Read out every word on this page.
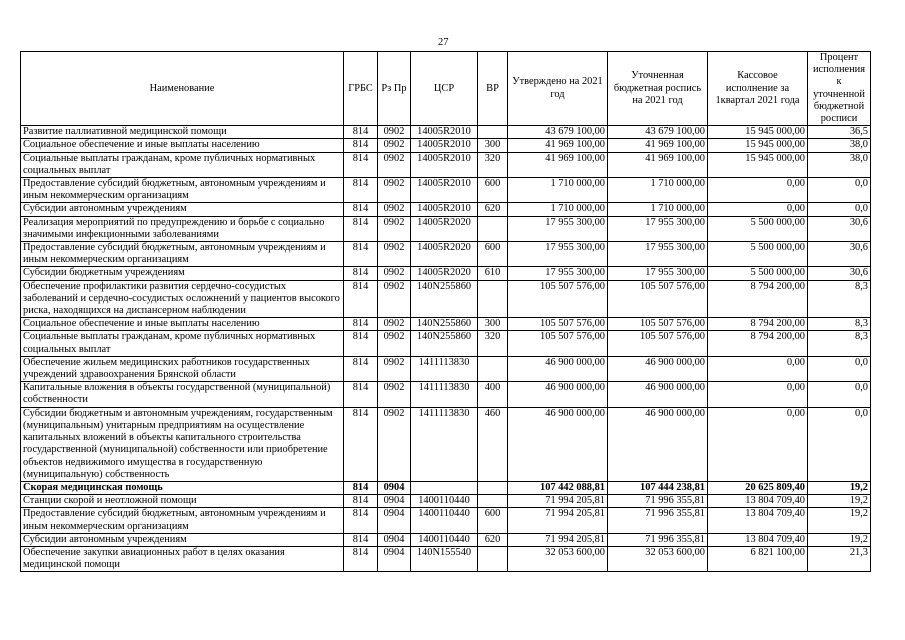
27
Наименование	ГРБС	Рз Пр	ЦСР	ВР	Утверждено на 2021 год	Уточненная бюджетная роспись на 2021 год	Кассовое исполнение за 1квартал 2021 года	Процент исполнения к уточненной бюджетной росписи
Развитие паллиативной медицинской помощи	814	0902	14005R2010		43 679 100,00	43 679 100,00	15 945 000,00	36,5
Социальное обеспечение и иные выплаты населению	814	0902	14005R2010	300	41 969 100,00	41 969 100,00	15 945 000,00	38,0
Социальные выплаты гражданам, кроме публичных нормативных социальных выплат	814	0902	14005R2010	320	41 969 100,00	41 969 100,00	15 945 000,00	38,0
Предоставление субсидий бюджетным, автономным учреждениям и иным некоммерческим организациям	814	0902	14005R2010	600	1 710 000,00	1 710 000,00	0,00	0,0
Субсидии автономным учреждениям	814	0902	14005R2010	620	1 710 000,00	1 710 000,00	0,00	0,0
Реализация мероприятий по предупреждению и борьбе с социально значимыми инфекционными заболеваниями	814	0902	14005R2020		17 955 300,00	17 955 300,00	5 500 000,00	30,6
Предоставление субсидий бюджетным, автономным учреждениям и иным некоммерческим организациям	814	0902	14005R2020	600	17 955 300,00	17 955 300,00	5 500 000,00	30,6
Субсидии бюджетным учреждениям	814	0902	14005R2020	610	17 955 300,00	17 955 300,00	5 500 000,00	30,6
Обеспечение профилактики развития сердечно-сосудистых заболеваний и сердечно-сосудистых осложнений у пациентов высокого риска, находящихся на диспансерном наблюдении	814	0902	140N255860		105 507 576,00	105 507 576,00	8 794 200,00	8,3
Социальное обеспечение и иные выплаты населению	814	0902	140N255860	300	105 507 576,00	105 507 576,00	8 794 200,00	8,3
Социальные выплаты гражданам, кроме публичных нормативных социальных выплат	814	0902	140N255860	320	105 507 576,00	105 507 576,00	8 794 200,00	8,3
Обеспечение жильем медицинских работников государственных учреждений здравоохранения Брянской области	814	0902	1411113830		46 900 000,00	46 900 000,00	0,00	0,0
Капитальные вложения в объекты государственной (муниципальной) собственности	814	0902	1411113830	400	46 900 000,00	46 900 000,00	0,00	0,0
Субсидии бюджетным и автономным учреждениям, государственным (муниципальным) унитарным предприятиям на осуществление капитальных вложений в объекты капитального строительства государственной (муниципальной) собственности или приобретение объектов недвижимого имущества в государственную (муниципальную) собственность	814	0902	1411113830	460	46 900 000,00	46 900 000,00	0,00	0,0
Скорая медицинская помощь	814	0904			107 442 088,81	107 444 238,81	20 625 809,40	19,2
Станции скорой и неотложной помощи	814	0904	1400110440		71 994 205,81	71 996 355,81	13 804 709,40	19,2
Предоставление субсидий бюджетным, автономным учреждениям и иным некоммерческим организациям	814	0904	1400110440	600	71 994 205,81	71 996 355,81	13 804 709,40	19,2
Субсидии автономным учреждениям	814	0904	1400110440	620	71 994 205,81	71 996 355,81	13 804 709,40	19,2
Обеспечение закупки авиационных работ в целях оказания медицинской помощи	814	0904	140N155540		32 053 600,00	32 053 600,00	6 821 100,00	21,3
